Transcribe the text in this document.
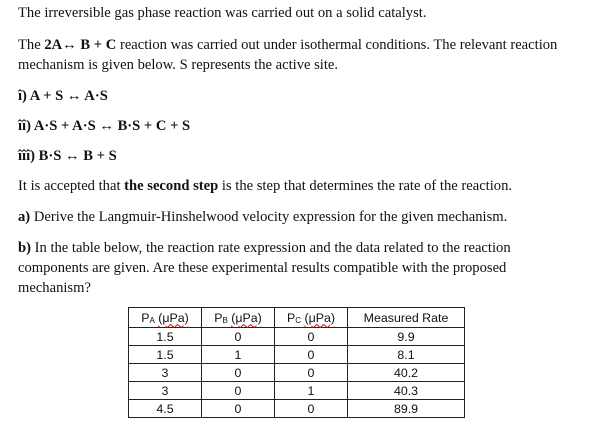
The irreversible gas phase reaction was carried out on a solid catalyst.
The 2A↔ B + C reaction was carried out under isothermal conditions. The relevant reaction mechanism is given below. S represents the active site.
î) A + S ↔ A·S
îî) A·S + A·S ↔ B·S + C + S
îîî) B·S ↔ B + S
It is accepted that the second step is the step that determines the rate of the reaction.
a) Derive the Langmuir-Hinshelwood velocity expression for the given mechanism.
b) In the table below, the reaction rate expression and the data related to the reaction components are given. Are these experimental results compatible with the proposed mechanism?
PA (μPa)	PB (μPa)	PC (μPa)	Measured Rate
1.5	0	0	9.9
1.5	1	0	8.1
3	0	0	40.2
3	0	1	40.3
4.5	0	0	89.9
